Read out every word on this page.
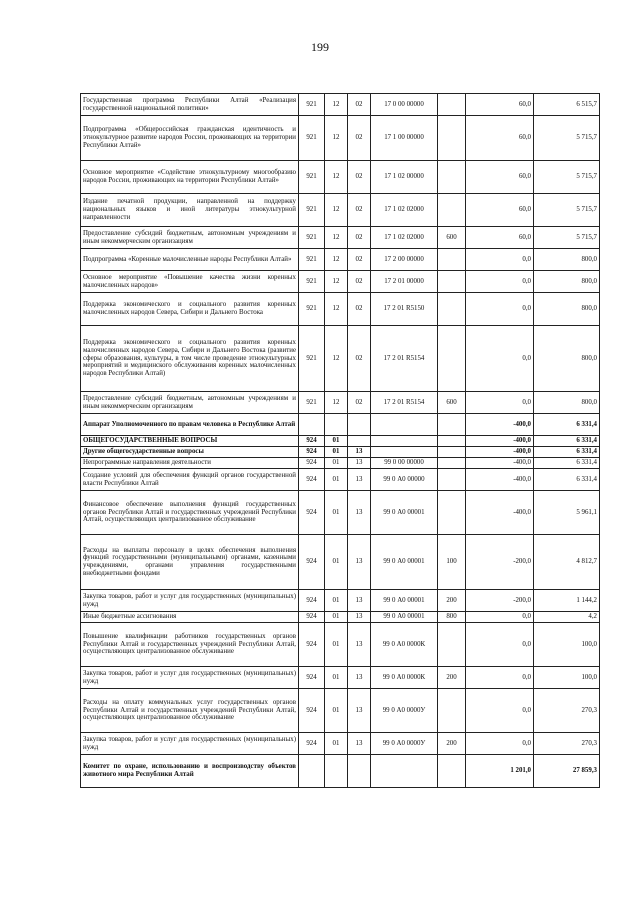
199
Государственная программа Республики Алтай «Реализация государственной национальной политики»	921	12	02	17 0 00 00000		60,0	6 515,7
Подпрограмма «Общероссийская гражданская идентичность и этнокультурное развитие народов России, проживающих на территории Республики Алтай»	921	12	02	17 1 00 00000		60,0	5 715,7
Основное мероприятие «Содействие этнокультурному многообразию народов России, проживающих на территории Республики Алтай»	921	12	02	17 1 02 00000		60,0	5 715,7
Издание печатной продукции, направленной на поддержку национальных языков и иной литературы этнокультурной направленности	921	12	02	17 1 02 02000		60,0	5 715,7
Предоставление субсидий бюджетным, автономным учреждениям и иным некоммерческим организациям	921	12	02	17 1 02 02000	600	60,0	5 715,7
Подпрограмма «Коренные малочисленные народы Республики Алтай»	921	12	02	17 2 00 00000		0,0	800,0
Основное мероприятие «Повышение качества жизни коренных малочисленных народов»	921	12	02	17 2 01 00000		0,0	800,0
Поддержка экономического и социального развития коренных малочисленных народов Севера, Сибири и Дальнего Востока	921	12	02	17 2 01 R5150		0,0	800,0
Поддержка экономического и социального развития коренных малочисленных народов Севера, Сибири и Дальнего Востока (развитие сферы образования, культуры, в том числе проведение этнокультурных мероприятий и медицинского обслуживания коренных малочисленных народов Республики Алтай)	921	12	02	17 2 01 R5154		0,0	800,0
Предоставление субсидий бюджетным, автономным учреждениям и иным некоммерческим организациям	921	12	02	17 2 01 R5154	600	0,0	800,0
Аппарат Уполномоченного по правам человека в Республике Алтай						-400,0	6 331,4
ОБЩЕГОСУДАРСТВЕННЫЕ ВОПРОСЫ	924	01				-400,0	6 331,4
Другие общегосударственные вопросы	924	01	13			-400,0	6 331,4
Непрограммные направления деятельности	924	01	13	99 0 00 00000		-400,0	6 331,4
Создание условий для обеспечения функций органов государственной власти Республики Алтай	924	01	13	99 0 А0 00000		-400,0	6 331,4
Финансовое обеспечение выполнения функций государственных органов Республики Алтай и государственных учреждений Республики Алтай, осуществляющих централизованное обслуживание	924	01	13	99 0 А0 00001		-400,0	5 961,1
Расходы на выплаты персоналу в целях обеспечения выполнения функций государственными (муниципальными) органами, казенными учреждениями, органами управления государственными внебюджетными фондами	924	01	13	99 0 А0 00001	100	-200,0	4 812,7
Закупка товаров, работ и услуг для государственных (муниципальных) нужд	924	01	13	99 0 А0 00001	200	-200,0	1 144,2
Иные бюджетные ассигнования	924	01	13	99 0 А0 00001	800	0,0	4,2
Повышение квалификации работников государственных органов Республики Алтай и государственных учреждений Республики Алтай, осуществляющих централизованное обслуживание	924	01	13	99 0 А0 0000К		0,0	100,0
Закупка товаров, работ и услуг для государственных (муниципальных) нужд	924	01	13	99 0 А0 0000К	200	0,0	100,0
Расходы на оплату коммунальных услуг государственных органов Республики Алтай и государственных учреждений Республики Алтай, осуществляющих централизованное обслуживание	924	01	13	99 0 А0 0000У		0,0	270,3
Закупка товаров, работ и услуг для государственных (муниципальных) нужд	924	01	13	99 0 А0 0000У	200	0,0	270,3
Комитет по охране, использованию и воспроизводству объектов животного мира Республики Алтай						1 201,0	27 859,3
